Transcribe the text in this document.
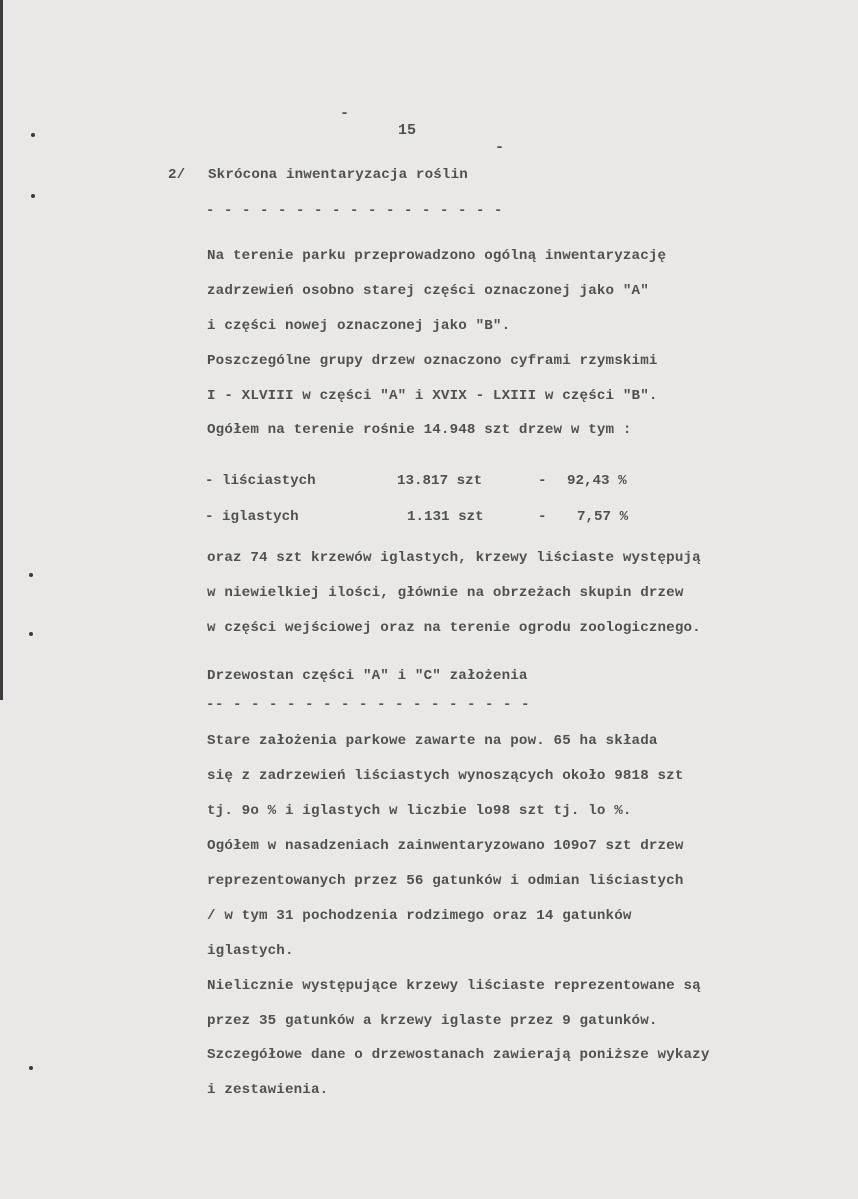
-

15

-

2/ Skrócona inwentaryzacja roślin
- - - - - - - - - - - - - - - - -
Na terenie parku przeprowadzono ogólną inwentaryzację
zadrzewień osobno starej części oznaczonej jako "A"
i części nowej oznaczonej jako "B".
Poszczególne grupy drzew oznaczono cyframi rzymskimi
I - XLVIII w części "A" i XVIX - LXIII w części "B".
Ogółem na terenie rośnie 14.948 szt drzew w tym :
- liściastych	13.817 szt	- 92,43 %
- iglastych	1.131 szt	- 7,57 %
oraz 74 szt krzewów iglastych, krzewy liściaste występują
w niewielkiej ilości, głównie na obrzeżach skupin drzew
w części wejściowej oraz na terenie ogrodu zoologicznego.
Drzewostan części "A" i "C" założenia
-- - - - - - - - - - - - - - - - - -
Stare założenia parkowe zawarte na pow. 65 ha składa
się z zadrzewień liściastych wynoszących około 9818 szt
tj. 9o % i iglastych w liczbie lo98 szt tj. lo %.
Ogółem w nasadzeniach zainwentaryzowano 109o7 szt drzew
reprezentowanych przez 56 gatunków i odmian liściastych
/ w tym 31 pochodzenia rodzimego oraz 14 gatunków
iglastych.
Nielicznie występujące krzewy liściaste reprezentowane są
przez 35 gatunków a krzewy iglaste przez 9 gatunków.
Szczegółowe dane o drzewostanach zawierają poniższe wykazy
i zestawienia.
